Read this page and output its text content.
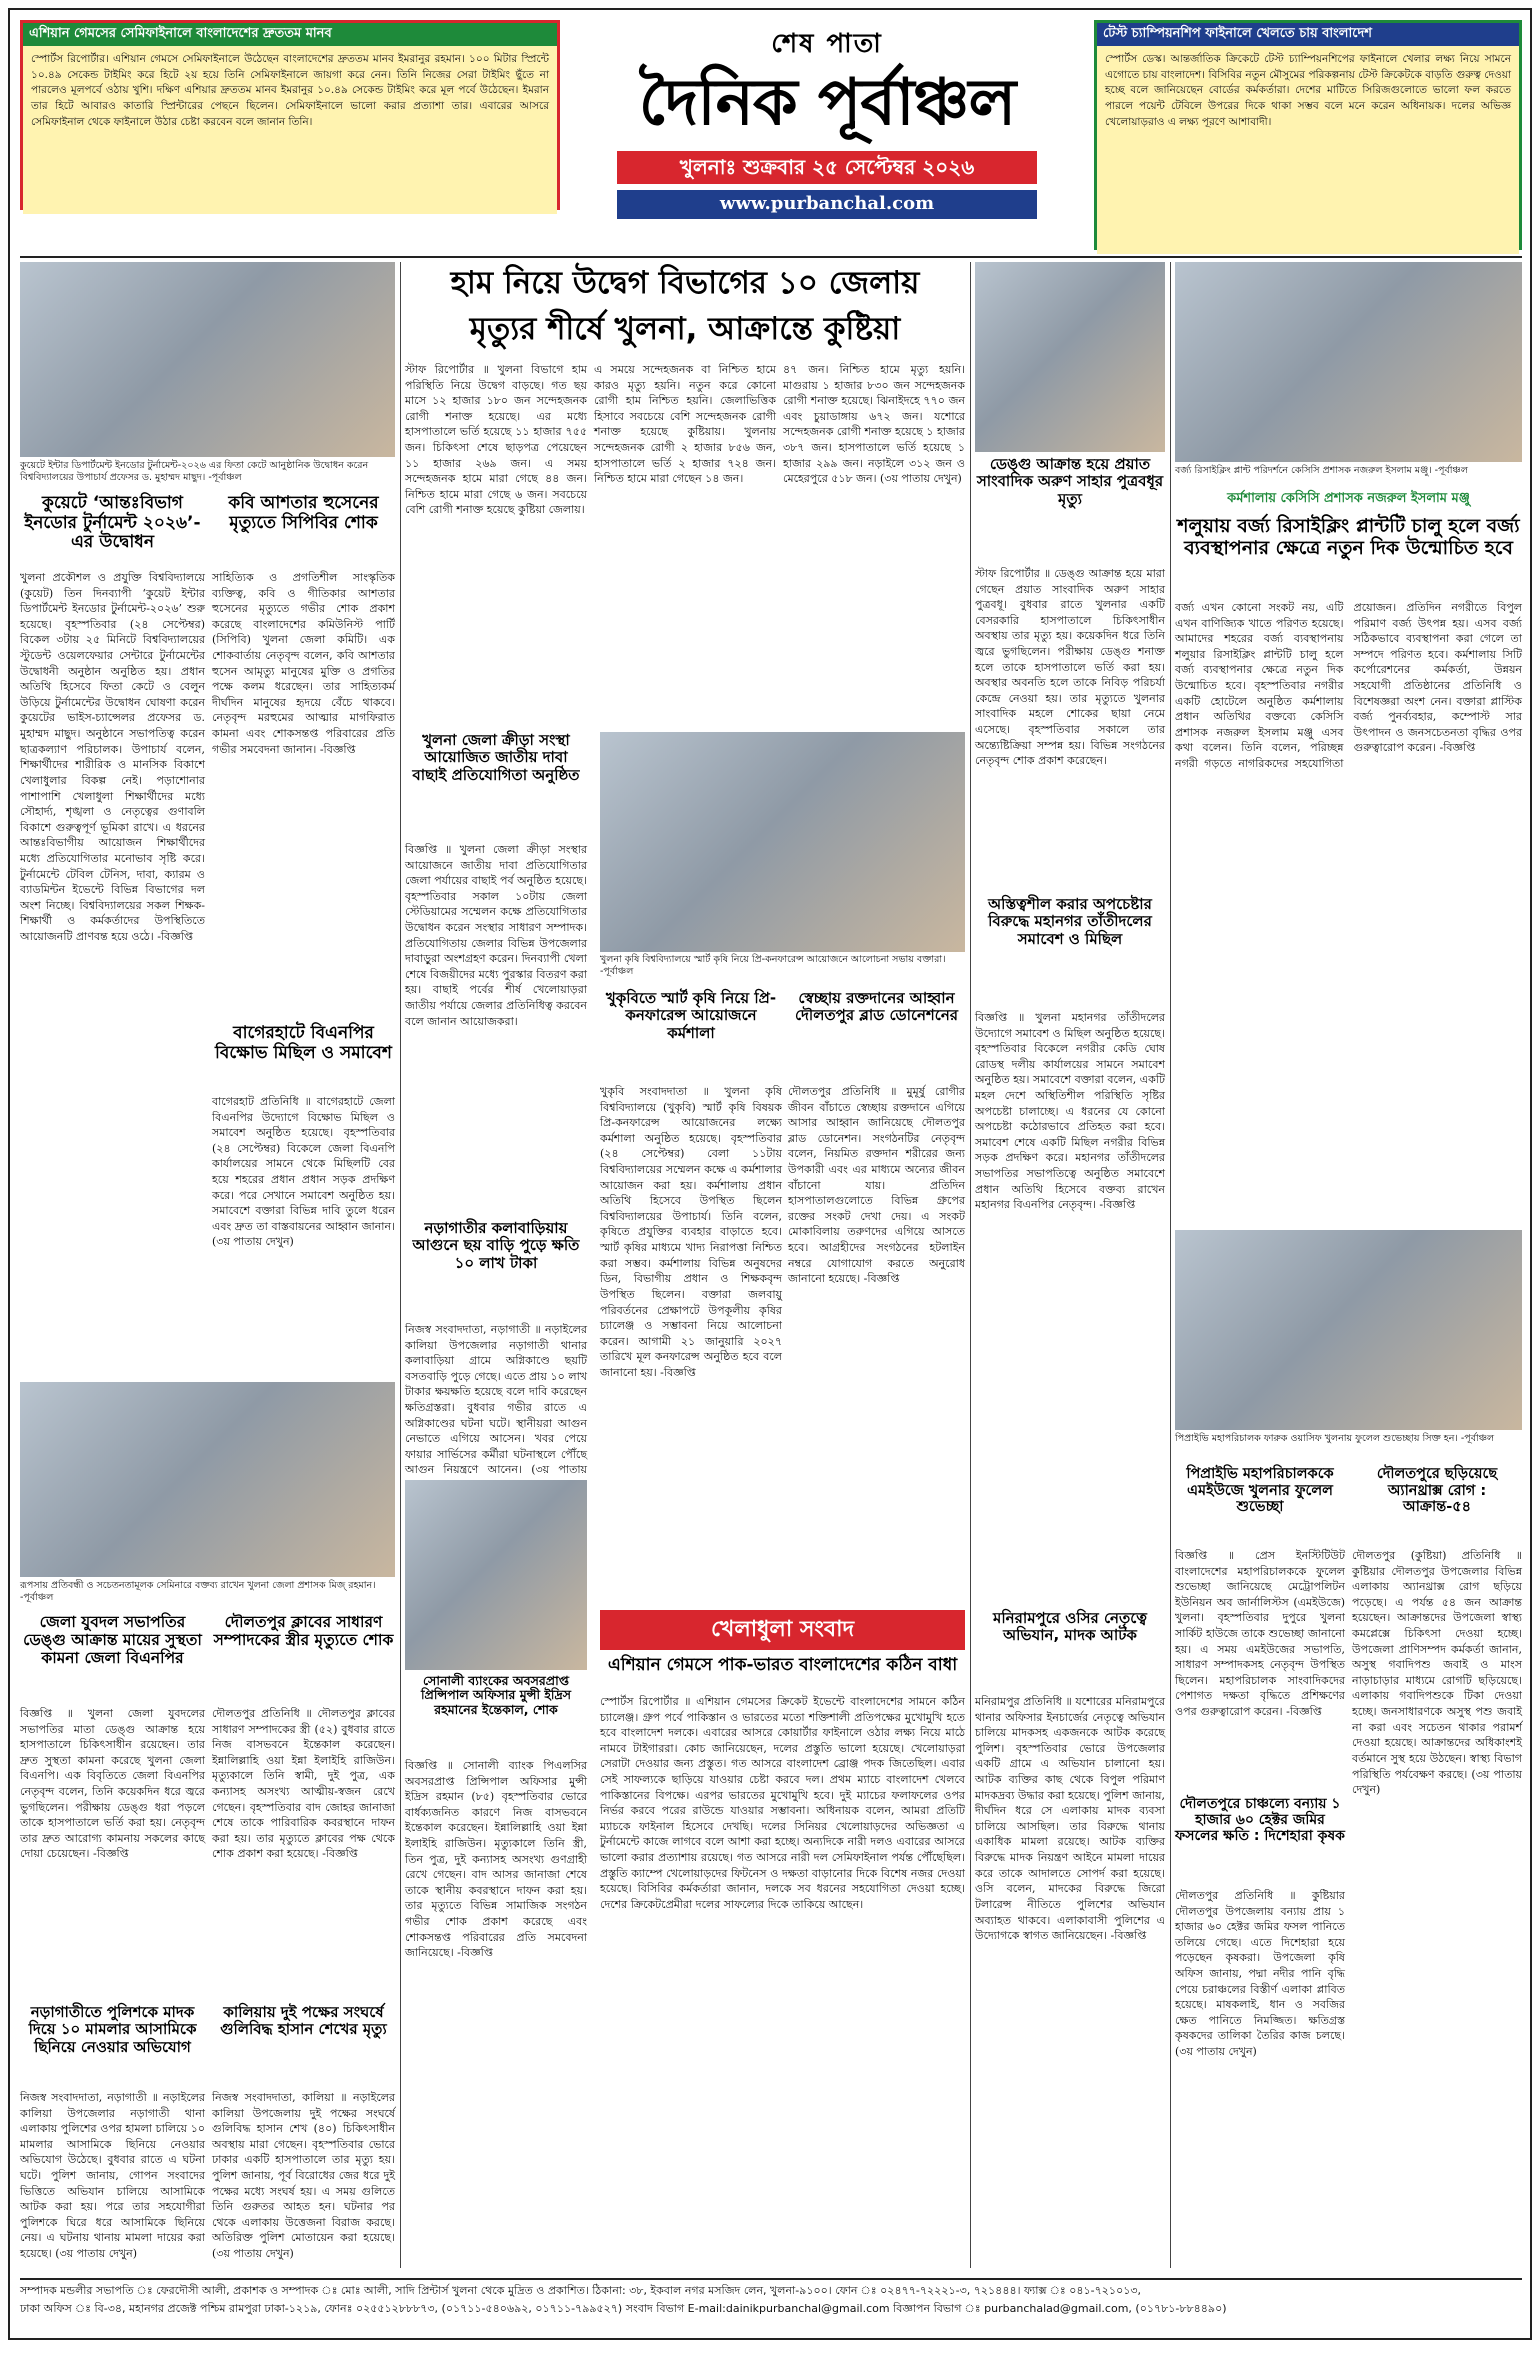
এশিয়ান গেমসের সেমিফাইনালে বাংলাদেশের দ্রুততম মানব
স্পোর্টস রিপোর্টার। এশিয়ান গেমসে সেমিফাইনালে উঠেছেন বাংলাদেশের দ্রুততম মানব ইমরানুর রহমান। ১০০ মিটার স্প্রিন্টে ১০.৪৯ সেকেন্ড টাইমিং করে হিটে ২য় হয়ে তিনি সেমিফাইনালে জায়গা করে নেন। তিনি নিজের সেরা টাইমিং ছুঁতে না পারলেও মূলপর্বে ওঠায় খুশি। দক্ষিণ এশিয়ার দ্রুততম মানব ইমরানুর ১০.৪৯ সেকেন্ড টাইমিং করে মূল পর্বে উঠেছেন। ইমরান তার হিটে আবারও কাতারি স্প্রিন্টারের পেছনে ছিলেন। সেমিফাইনালে ভালো করার প্রত্যাশা তার। এবারের আসরে সেমিফাইনাল থেকে ফাইনালে উঠার চেষ্টা করবেন বলে জানান তিনি।
শেষ পাতা
দৈনিক পূর্বাঞ্চল
খুলনাঃ শুক্রবার ২৫ সেপ্টেম্বর ২০২৬
www.purbanchal.com
টেস্ট চ্যাম্পিয়নশিপ ফাইনালে খেলতে চায় বাংলাদেশ
স্পোর্টস ডেস্ক। আন্তর্জাতিক ক্রিকেটে টেস্ট চ্যাম্পিয়নশিপের ফাইনালে খেলার লক্ষ্য নিয়ে সামনে এগোতে চায় বাংলাদেশ। বিসিবির নতুন মৌসুমের পরিকল্পনায় টেস্ট ক্রিকেটকে বাড়তি গুরুত্ব দেওয়া হচ্ছে বলে জানিয়েছেন বোর্ডের কর্মকর্তারা। দেশের মাটিতে সিরিজগুলোতে ভালো ফল করতে পারলে পয়েন্ট টেবিলে উপরের দিকে থাকা সম্ভব বলে মনে করেন অধিনায়ক। দলের অভিজ্ঞ খেলোয়াড়রাও এ লক্ষ্য পূরণে আশাবাদী।
কুয়েটে ইন্টার ডিপার্টমেন্ট ইনডোর টুর্নামেন্ট-২০২৬ এর ফিতা কেটে আনুষ্ঠানিক উদ্বোধন করেন বিশ্ববিদ্যালয়ের উপাচার্য প্রফেসর ড. মুহাম্মদ মাছুদ। -পূর্বাঞ্চল
কুয়েটে ‘আন্তঃবিভাগ ইনডোর টুর্নামেন্ট ২০২৬’-এর উদ্বোধন
খুলনা প্রকৌশল ও প্রযুক্তি বিশ্ববিদ্যালয়ে (কুয়েট) তিন দিনব্যাপী ‘কুয়েট ইন্টার ডিপার্টমেন্ট ইনডোর টুর্নামেন্ট-২০২৬’ শুরু হয়েছে। বৃহস্পতিবার (২৪ সেপ্টেম্বর) বিকেল ৩টায় ২৫ মিনিটে বিশ্ববিদ্যালয়ের স্টুডেন্ট ওয়েলফেয়ার সেন্টারে টুর্নামেন্টের উদ্বোধনী অনুষ্ঠান অনুষ্ঠিত হয়। প্রধান অতিথি হিসেবে ফিতা কেটে ও বেলুন উড়িয়ে টুর্নামেন্টের উদ্বোধন ঘোষণা করেন কুয়েটের ভাইস-চ্যান্সেলর প্রফেসর ড. মুহাম্মদ মাছুদ। অনুষ্ঠানে সভাপতিত্ব করেন ছাত্রকল্যাণ পরিচালক। উপাচার্য বলেন, শিক্ষার্থীদের শারীরিক ও মানসিক বিকাশে খেলাধুলার বিকল্প নেই। পড়াশোনার পাশাপাশি খেলাধুলা শিক্ষার্থীদের মধ্যে সৌহার্দ্য, শৃঙ্খলা ও নেতৃত্বের গুণাবলি বিকাশে গুরুত্বপূর্ণ ভূমিকা রাখে। এ ধরনের আন্তঃবিভাগীয় আয়োজন শিক্ষার্থীদের মধ্যে প্রতিযোগিতার মনোভাব সৃষ্টি করে। টুর্নামেন্টে টেবিল টেনিস, দাবা, ক্যারম ও ব্যাডমিন্টন ইভেন্টে বিভিন্ন বিভাগের দল অংশ নিচ্ছে। বিশ্ববিদ্যালয়ের সকল শিক্ষক-শিক্ষার্থী ও কর্মকর্তাদের উপস্থিতিতে আয়োজনটি প্রাণবন্ত হয়ে ওঠে। -বিজ্ঞপ্তি
কবি আশতার হুসেনের মৃত্যুতে সিপিবির শোক
সাহিত্যিক ও প্রগতিশীল সাংস্কৃতিক ব্যক্তিত্ব, কবি ও গীতিকার আশতার হুসেনের মৃত্যুতে গভীর শোক প্রকাশ করেছে বাংলাদেশের কমিউনিস্ট পার্টি (সিপিবি) খুলনা জেলা কমিটি। এক শোকবার্তায় নেতৃবৃন্দ বলেন, কবি আশতার হুসেন আমৃত্যু মানুষের মুক্তি ও প্রগতির পক্ষে কলম ধরেছেন। তার সাহিত্যকর্ম দীর্ঘদিন মানুষের হৃদয়ে বেঁচে থাকবে। নেতৃবৃন্দ মরহুমের আত্মার মাগফিরাত কামনা এবং শোকসন্তপ্ত পরিবারের প্রতি গভীর সমবেদনা জানান। -বিজ্ঞপ্তি
বাগেরহাটে বিএনপির বিক্ষোভ মিছিল ও সমাবেশ
বাগেরহাট প্রতিনিধি ॥ বাগেরহাটে জেলা বিএনপির উদ্যোগে বিক্ষোভ মিছিল ও সমাবেশ অনুষ্ঠিত হয়েছে। বৃহস্পতিবার (২৪ সেপ্টেম্বর) বিকেলে জেলা বিএনপি কার্যালয়ের সামনে থেকে মিছিলটি বের হয়ে শহরের প্রধান প্রধান সড়ক প্রদক্ষিণ করে। পরে সেখানে সমাবেশ অনুষ্ঠিত হয়। সমাবেশে বক্তারা বিভিন্ন দাবি তুলে ধরেন এবং দ্রুত তা বাস্তবায়নের আহ্বান জানান। (৩য় পাতায় দেখুন)
রূপসায় প্রতিবন্ধী ও সচেতনতামূলক সেমিনারে বক্তব্য রাখেন খুলনা জেলা প্রশাসক মিজ্ রহমান। -পূর্বাঞ্চল
জেলা যুবদল সভাপতির ডেঙ্গু আক্রান্ত মায়ের সুস্থতা কামনা জেলা বিএনপির
বিজ্ঞপ্তি ॥ খুলনা জেলা যুবদলের সভাপতির মাতা ডেঙ্গু আক্রান্ত হয়ে হাসপাতালে চিকিৎসাধীন রয়েছেন। তার দ্রুত সুস্থতা কামনা করেছে খুলনা জেলা বিএনপি। এক বিবৃতিতে জেলা বিএনপির নেতৃবৃন্দ বলেন, তিনি কয়েকদিন ধরে জ্বরে ভুগছিলেন। পরীক্ষায় ডেঙ্গু ধরা পড়লে তাকে হাসপাতালে ভর্তি করা হয়। নেতৃবৃন্দ তার দ্রুত আরোগ্য কামনায় সকলের কাছে দোয়া চেয়েছেন। -বিজ্ঞপ্তি
দৌলতপুর ক্লাবের সাধারণ সম্পাদকের স্ত্রীর মৃত্যুতে শোক
দৌলতপুর প্রতিনিধি ॥ দৌলতপুর ক্লাবের সাধারণ সম্পাদকের স্ত্রী (৫২) বুধবার রাতে নিজ বাসভবনে ইন্তেকাল করেছেন। ইন্নালিল্লাহি ওয়া ইন্না ইলাইহি রাজিউন। মৃত্যুকালে তিনি স্বামী, দুই পুত্র, এক কন্যাসহ অসংখ্য আত্মীয়-স্বজন রেখে গেছেন। বৃহস্পতিবার বাদ জোহর জানাজা শেষে তাকে পারিবারিক কবরস্থানে দাফন করা হয়। তার মৃত্যুতে ক্লাবের পক্ষ থেকে শোক প্রকাশ করা হয়েছে। -বিজ্ঞপ্তি
নড়াগাতীতে পুলিশকে মাদক দিয়ে ১০ মামলার আসামিকে ছিনিয়ে নেওয়ার অভিযোগ
নিজস্ব সংবাদদাতা, নড়াগাতী ॥ নড়াইলের কালিয়া উপজেলার নড়াগাতী থানা এলাকায় পুলিশের ওপর হামলা চালিয়ে ১০ মামলার আসামিকে ছিনিয়ে নেওয়ার অভিযোগ উঠেছে। বুধবার রাতে এ ঘটনা ঘটে। পুলিশ জানায়, গোপন সংবাদের ভিত্তিতে অভিযান চালিয়ে আসামিকে আটক করা হয়। পরে তার সহযোগীরা পুলিশকে ঘিরে ধরে আসামিকে ছিনিয়ে নেয়। এ ঘটনায় থানায় মামলা দায়ের করা হয়েছে। (৩য় পাতায় দেখুন)
কালিয়ায় দুই পক্ষের সংঘর্ষে গুলিবিদ্ধ হাসান শেখের মৃত্যু
নিজস্ব সংবাদদাতা, কালিয়া ॥ নড়াইলের কালিয়া উপজেলায় দুই পক্ষের সংঘর্ষে গুলিবিদ্ধ হাসান শেখ (৪০) চিকিৎসাধীন অবস্থায় মারা গেছেন। বৃহস্পতিবার ভোরে ঢাকার একটি হাসপাতালে তার মৃত্যু হয়। পুলিশ জানায়, পূর্ব বিরোধের জের ধরে দুই পক্ষের মধ্যে সংঘর্ষ হয়। এ সময় গুলিতে তিনি গুরুতর আহত হন। ঘটনার পর থেকে এলাকায় উত্তেজনা বিরাজ করছে। অতিরিক্ত পুলিশ মোতায়েন করা হয়েছে। (৩য় পাতায় দেখুন)
হাম নিয়ে উদ্বেগ বিভাগের ১০ জেলায়
মৃত্যুর শীর্ষে খুলনা, আক্রান্তে কুষ্টিয়া
স্টাফ রিপোর্টার ॥ খুলনা বিভাগে হাম পরিস্থিতি নিয়ে উদ্বেগ বাড়ছে। গত ছয় মাসে ১২ হাজার ১৮০ জন সন্দেহজনক রোগী শনাক্ত হয়েছে। এর মধ্যে হাসপাতালে ভর্তি হয়েছে ১১ হাজার ৭৫৫ জন। চিকিৎসা শেষে ছাড়পত্র পেয়েছেন ১১ হাজার ২৬৯ জন। এ সময় সন্দেহজনক হামে মারা গেছে ৪৪ জন। নিশ্চিত হামে মারা গেছে ৬ জন। সবচেয়ে বেশি রোগী শনাক্ত হয়েছে কুষ্টিয়া জেলায়।
এ সময়ে সন্দেহজনক বা নিশ্চিত হামে কারও মৃত্যু হয়নি। নতুন করে কোনো রোগী হাম নিশ্চিত হয়নি। জেলাভিত্তিক হিসাবে সবচেয়ে বেশি সন্দেহজনক রোগী শনাক্ত হয়েছে কুষ্টিয়ায়। খুলনায় সন্দেহজনক রোগী ২ হাজার ৮৫৬ জন, হাসপাতালে ভর্তি ২ হাজার ৭২৪ জন। নিশ্চিত হামে মারা গেছেন ১৪ জন।
৪৭ জন। নিশ্চিত হামে মৃত্যু হয়নি। মাগুরায় ১ হাজার ৮৩০ জন সন্দেহজনক রোগী শনাক্ত হয়েছে। ঝিনাইদহে ৭৭০ জন এবং চুয়াডাঙ্গায় ৬৭২ জন। যশোরে সন্দেহজনক রোগী শনাক্ত হয়েছে ১ হাজার ৩৮৭ জন। হাসপাতালে ভর্তি হয়েছে ১ হাজার ২৯৯ জন। নড়াইলে ৩১২ জন ও মেহেরপুরে ৫১৮ জন। (৩য় পাতায় দেখুন)
খুলনা জেলা ক্রীড়া সংস্থা আয়োজিত জাতীয় দাবা বাছাই প্রতিযোগিতা অনুষ্ঠিত
বিজ্ঞপ্তি ॥ খুলনা জেলা ক্রীড়া সংস্থার আয়োজনে জাতীয় দাবা প্রতিযোগিতার জেলা পর্যায়ের বাছাই পর্ব অনুষ্ঠিত হয়েছে। বৃহস্পতিবার সকাল ১০টায় জেলা স্টেডিয়ামের সম্মেলন কক্ষে প্রতিযোগিতার উদ্বোধন করেন সংস্থার সাধারণ সম্পাদক। প্রতিযোগিতায় জেলার বিভিন্ন উপজেলার দাবাড়ুরা অংশগ্রহণ করেন। দিনব্যাপী খেলা শেষে বিজয়ীদের মধ্যে পুরস্কার বিতরণ করা হয়। বাছাই পর্বের শীর্ষ খেলোয়াড়রা জাতীয় পর্যায়ে জেলার প্রতিনিধিত্ব করবেন বলে জানান আয়োজকরা।
খুলনা কৃষি বিশ্ববিদ্যালয়ে স্মার্ট কৃষি নিয়ে প্রি-কনফারেন্স আয়োজনে আলোচনা সভায় বক্তারা। -পূর্বাঞ্চল
খুকৃবিতে স্মার্ট কৃষি নিয়ে প্রি-কনফারেন্স আয়োজনে কর্মশালা
খুকৃবি সংবাদদাতা ॥ খুলনা কৃষি বিশ্ববিদ্যালয়ে (খুকৃবি) স্মার্ট কৃষি বিষয়ক প্রি-কনফারেন্স আয়োজনের লক্ষ্যে কর্মশালা অনুষ্ঠিত হয়েছে। বৃহস্পতিবার (২৪ সেপ্টেম্বর) বেলা ১১টায় বিশ্ববিদ্যালয়ের সম্মেলন কক্ষে এ কর্মশালার আয়োজন করা হয়। কর্মশালায় প্রধান অতিথি হিসেবে উপস্থিত ছিলেন বিশ্ববিদ্যালয়ের উপাচার্য। তিনি বলেন, কৃষিতে প্রযুক্তির ব্যবহার বাড়াতে হবে। স্মার্ট কৃষির মাধ্যমে খাদ্য নিরাপত্তা নিশ্চিত করা সম্ভব। কর্মশালায় বিভিন্ন অনুষদের ডিন, বিভাগীয় প্রধান ও শিক্ষকবৃন্দ উপস্থিত ছিলেন। বক্তারা জলবায়ু পরিবর্তনের প্রেক্ষাপটে উপকূলীয় কৃষির চ্যালেঞ্জ ও সম্ভাবনা নিয়ে আলোচনা করেন। আগামী ২১ জানুয়ারি ২০২৭ তারিখে মূল কনফারেন্স অনুষ্ঠিত হবে বলে জানানো হয়। -বিজ্ঞপ্তি
স্বেচ্ছায় রক্তদানের আহ্বান দৌলতপুর ব্লাড ডোনেশনের
দৌলতপুর প্রতিনিধি ॥ মুমূর্ষু রোগীর জীবন বাঁচাতে স্বেচ্ছায় রক্তদানে এগিয়ে আসার আহ্বান জানিয়েছে দৌলতপুর ব্লাড ডোনেশন। সংগঠনটির নেতৃবৃন্দ বলেন, নিয়মিত রক্তদান শরীরের জন্য উপকারী এবং এর মাধ্যমে অন্যের জীবন বাঁচানো যায়। প্রতিদিন হাসপাতালগুলোতে বিভিন্ন গ্রুপের রক্তের সংকট দেখা দেয়। এ সংকট মোকাবিলায় তরুণদের এগিয়ে আসতে হবে। আগ্রহীদের সংগঠনের হটলাইন নম্বরে যোগাযোগ করতে অনুরোধ জানানো হয়েছে। -বিজ্ঞপ্তি
নড়াগাতীর কলাবাড়িয়ায় আগুনে ছয় বাড়ি পুড়ে ক্ষতি ১০ লাখ টাকা
নিজস্ব সংবাদদাতা, নড়াগাতী ॥ নড়াইলের কালিয়া উপজেলার নড়াগাতী থানার কলাবাড়িয়া গ্রামে অগ্নিকাণ্ডে ছয়টি বসতবাড়ি পুড়ে গেছে। এতে প্রায় ১০ লাখ টাকার ক্ষয়ক্ষতি হয়েছে বলে দাবি করেছেন ক্ষতিগ্রস্তরা। বুধবার গভীর রাতে এ অগ্নিকাণ্ডের ঘটনা ঘটে। স্থানীয়রা আগুন নেভাতে এগিয়ে আসেন। খবর পেয়ে ফায়ার সার্ভিসের কর্মীরা ঘটনাস্থলে পৌঁছে আগুন নিয়ন্ত্রণে আনেন। (৩য় পাতায়
সোনালী ব্যাংকের অবসরপ্রাপ্ত প্রিন্সিপাল অফিসার মুন্সী ইদ্রিস রহমানের ইন্তেকাল, শোক
বিজ্ঞপ্তি ॥ সোনালী ব্যাংক পিএলসির অবসরপ্রাপ্ত প্রিন্সিপাল অফিসার মুন্সী ইদ্রিস রহমান (৮৫) বৃহস্পতিবার ভোরে বার্ধক্যজনিত কারণে নিজ বাসভবনে ইন্তেকাল করেছেন। ইন্নালিল্লাহি ওয়া ইন্না ইলাইহি রাজিউন। মৃত্যুকালে তিনি স্ত্রী, তিন পুত্র, দুই কন্যাসহ অসংখ্য গুণগ্রাহী রেখে গেছেন। বাদ আসর জানাজা শেষে তাকে স্থানীয় কবরস্থানে দাফন করা হয়। তার মৃত্যুতে বিভিন্ন সামাজিক সংগঠন গভীর শোক প্রকাশ করেছে এবং শোকসন্তপ্ত পরিবারের প্রতি সমবেদনা জানিয়েছে। -বিজ্ঞপ্তি
খেলাধুলা সংবাদ
এশিয়ান গেমসে পাক-ভারত বাংলাদেশের কঠিন বাধা
স্পোর্টস রিপোর্টার ॥ এশিয়ান গেমসের ক্রিকেট ইভেন্টে বাংলাদেশের সামনে কঠিন চ্যালেঞ্জ। গ্রুপ পর্বে পাকিস্তান ও ভারতের মতো শক্তিশালী প্রতিপক্ষের মুখোমুখি হতে হবে বাংলাদেশ দলকে। এবারের আসরে কোয়ার্টার ফাইনালে ওঠার লক্ষ্য নিয়ে মাঠে নামবে টাইগাররা। কোচ জানিয়েছেন, দলের প্রস্তুতি ভালো হয়েছে। খেলোয়াড়রা সেরাটা দেওয়ার জন্য প্রস্তুত। গত আসরে বাংলাদেশ ব্রোঞ্জ পদক জিতেছিল। এবার সেই সাফল্যকে ছাড়িয়ে যাওয়ার চেষ্টা করবে দল। প্রথম ম্যাচে বাংলাদেশ খেলবে পাকিস্তানের বিপক্ষে। এরপর ভারতের মুখোমুখি হবে। দুই ম্যাচের ফলাফলের ওপর নির্ভর করবে পরের রাউন্ডে যাওয়ার সম্ভাবনা। অধিনায়ক বলেন, আমরা প্রতিটি ম্যাচকে ফাইনাল হিসেবে দেখছি। দলের সিনিয়র খেলোয়াড়দের অভিজ্ঞতা এ টুর্নামেন্টে কাজে লাগবে বলে আশা করা হচ্ছে। অন্যদিকে নারী দলও এবারের আসরে ভালো করার প্রত্যাশায় রয়েছে। গত আসরে নারী দল সেমিফাইনাল পর্যন্ত পৌঁছেছিল। প্রস্তুতি ক্যাম্পে খেলোয়াড়দের ফিটনেস ও দক্ষতা বাড়ানোর দিকে বিশেষ নজর দেওয়া হয়েছে। বিসিবির কর্মকর্তারা জানান, দলকে সব ধরনের সহযোগিতা দেওয়া হচ্ছে। দেশের ক্রিকেটপ্রেমীরা দলের সাফল্যের দিকে তাকিয়ে আছেন।
ডেঙ্গু আক্রান্ত হয়ে প্রয়াত সাংবাদিক অরুণ সাহার পুত্রবধূর মৃত্যু
স্টাফ রিপোর্টার ॥ ডেঙ্গু আক্রান্ত হয়ে মারা গেছেন প্রয়াত সাংবাদিক অরুণ সাহার পুত্রবধূ। বুধবার রাতে খুলনার একটি বেসরকারি হাসপাতালে চিকিৎসাধীন অবস্থায় তার মৃত্যু হয়। কয়েকদিন ধরে তিনি জ্বরে ভুগছিলেন। পরীক্ষায় ডেঙ্গু শনাক্ত হলে তাকে হাসপাতালে ভর্তি করা হয়। অবস্থার অবনতি হলে তাকে নিবিড় পরিচর্যা কেন্দ্রে নেওয়া হয়। তার মৃত্যুতে খুলনার সাংবাদিক মহলে শোকের ছায়া নেমে এসেছে। বৃহস্পতিবার সকালে তার অন্ত্যেষ্টিক্রিয়া সম্পন্ন হয়। বিভিন্ন সংগঠনের নেতৃবৃন্দ শোক প্রকাশ করেছেন।
অস্তিত্বশীল করার অপচেষ্টার বিরুদ্ধে মহানগর তাঁতীদলের সমাবেশ ও মিছিল
বিজ্ঞপ্তি ॥ খুলনা মহানগর তাঁতীদলের উদ্যোগে সমাবেশ ও মিছিল অনুষ্ঠিত হয়েছে। বৃহস্পতিবার বিকেলে নগরীর কেডি ঘোষ রোডস্থ দলীয় কার্যালয়ের সামনে সমাবেশ অনুষ্ঠিত হয়। সমাবেশে বক্তারা বলেন, একটি মহল দেশে অস্থিতিশীল পরিস্থিতি সৃষ্টির অপচেষ্টা চালাচ্ছে। এ ধরনের যে কোনো অপচেষ্টা কঠোরভাবে প্রতিহত করা হবে। সমাবেশ শেষে একটি মিছিল নগরীর বিভিন্ন সড়ক প্রদক্ষিণ করে। মহানগর তাঁতীদলের সভাপতির সভাপতিত্বে অনুষ্ঠিত সমাবেশে প্রধান অতিথি হিসেবে বক্তব্য রাখেন মহানগর বিএনপির নেতৃবৃন্দ। -বিজ্ঞপ্তি
মনিরামপুরে ওসির নেতৃত্বে অভিযান, মাদক আটক
মনিরামপুর প্রতিনিধি ॥ যশোরের মনিরামপুরে থানার অফিসার ইনচার্জের নেতৃত্বে অভিযান চালিয়ে মাদকসহ একজনকে আটক করেছে পুলিশ। বৃহস্পতিবার ভোরে উপজেলার একটি গ্রামে এ অভিযান চালানো হয়। আটক ব্যক্তির কাছ থেকে বিপুল পরিমাণ মাদকদ্রব্য উদ্ধার করা হয়েছে। পুলিশ জানায়, দীর্ঘদিন ধরে সে এলাকায় মাদক ব্যবসা চালিয়ে আসছিল। তার বিরুদ্ধে থানায় একাধিক মামলা রয়েছে। আটক ব্যক্তির বিরুদ্ধে মাদক নিয়ন্ত্রণ আইনে মামলা দায়ের করে তাকে আদালতে সোপর্দ করা হয়েছে। ওসি বলেন, মাদকের বিরুদ্ধে জিরো টলারেন্স নীতিতে পুলিশের অভিযান অব্যাহত থাকবে। এলাকাবাসী পুলিশের এ উদ্যোগকে স্বাগত জানিয়েছেন। -বিজ্ঞপ্তি
বর্জ্য রিসাইক্লিং প্লান্ট পরিদর্শনে কেসিসি প্রশাসক নজরুল ইসলাম মঞ্জু। -পূর্বাঞ্চল
কর্মশালায় কেসিসি প্রশাসক নজরুল ইসলাম মঞ্জু
শলুয়ায় বর্জ্য রিসাইক্লিং প্লান্টটি চালু হলে বর্জ্য ব্যবস্থাপনার ক্ষেত্রে নতুন দিক উন্মোচিত হবে
বর্জ্য এখন কোনো সংকট নয়, এটি এখন বাণিজ্যিক খাতে পরিণত হয়েছে। আমাদের শহরের বর্জ্য ব্যবস্থাপনায় শলুয়ার রিসাইক্লিং প্লান্টটি চালু হলে বর্জ্য ব্যবস্থাপনার ক্ষেত্রে নতুন দিক উন্মোচিত হবে। বৃহস্পতিবার নগরীর একটি হোটেলে অনুষ্ঠিত কর্মশালায় প্রধান অতিথির বক্তব্যে কেসিসি প্রশাসক নজরুল ইসলাম মঞ্জু এসব কথা বলেন। তিনি বলেন, পরিচ্ছন্ন নগরী গড়তে নাগরিকদের সহযোগিতা প্রয়োজন। প্রতিদিন নগরীতে বিপুল পরিমাণ বর্জ্য উৎপন্ন হয়। এসব বর্জ্য সঠিকভাবে ব্যবস্থাপনা করা গেলে তা সম্পদে পরিণত হবে। কর্মশালায় সিটি কর্পোরেশনের কর্মকর্তা, উন্নয়ন সহযোগী প্রতিষ্ঠানের প্রতিনিধি ও বিশেষজ্ঞরা অংশ নেন। বক্তারা প্লাস্টিক বর্জ্য পুনর্ব্যবহার, কম্পোস্ট সার উৎপাদন ও জনসচেতনতা বৃদ্ধির ওপর গুরুত্বারোপ করেন। -বিজ্ঞপ্তি
পিপ্রাইভি মহাপরিচালক ফারুক ওয়াসিফ খুলনায় ফুলেল শুভেচ্ছায় সিক্ত হন। -পূর্বাঞ্চল
পিপ্রাইভি মহাপরিচালককে এমইউজে খুলনার ফুলেল শুভেচ্ছা
বিজ্ঞপ্তি ॥ প্রেস ইনস্টিটিউট বাংলাদেশের মহাপরিচালককে ফুলেল শুভেচ্ছা জানিয়েছে মেট্রোপলিটন ইউনিয়ন অব জার্নালিস্টস (এমইউজে) খুলনা। বৃহস্পতিবার দুপুরে খুলনা সার্কিট হাউজে তাকে শুভেচ্ছা জানানো হয়। এ সময় এমইউজের সভাপতি, সাধারণ সম্পাদকসহ নেতৃবৃন্দ উপস্থিত ছিলেন। মহাপরিচালক সাংবাদিকদের পেশাগত দক্ষতা বৃদ্ধিতে প্রশিক্ষণের ওপর গুরুত্বারোপ করেন। -বিজ্ঞপ্তি
দৌলতপুরে ছড়িয়েছে অ্যানথ্রাক্স রোগ : আক্রান্ত-৫৪
দৌলতপুর (কুষ্টিয়া) প্রতিনিধি ॥ কুষ্টিয়ার দৌলতপুর উপজেলার বিভিন্ন এলাকায় অ্যানথ্রাক্স রোগ ছড়িয়ে পড়েছে। এ পর্যন্ত ৫৪ জন আক্রান্ত হয়েছেন। আক্রান্তদের উপজেলা স্বাস্থ্য কমপ্লেক্সে চিকিৎসা দেওয়া হচ্ছে। উপজেলা প্রাণিসম্পদ কর্মকর্তা জানান, অসুস্থ গবাদিপশু জবাই ও মাংস নাড়াচাড়ার মাধ্যমে রোগটি ছড়িয়েছে। এলাকায় গবাদিপশুকে টিকা দেওয়া হচ্ছে। জনসাধারণকে অসুস্থ পশু জবাই না করা এবং সচেতন থাকার পরামর্শ দেওয়া হয়েছে। আক্রান্তদের অধিকাংশই বর্তমানে সুস্থ হয়ে উঠছেন। স্বাস্থ্য বিভাগ পরিস্থিতি পর্যবেক্ষণ করছে। (৩য় পাতায় দেখুন)
দৌলতপুরে চাঞ্চল্যে বন্যায় ১ হাজার ৬০ হেক্টর জমির ফসলের ক্ষতি : দিশেহারা কৃষক
দৌলতপুর প্রতিনিধি ॥ কুষ্টিয়ার দৌলতপুর উপজেলায় বন্যায় প্রায় ১ হাজার ৬০ হেক্টর জমির ফসল পানিতে তলিয়ে গেছে। এতে দিশেহারা হয়ে পড়েছেন কৃষকরা। উপজেলা কৃষি অফিস জানায়, পদ্মা নদীর পানি বৃদ্ধি পেয়ে চরাঞ্চলের বিস্তীর্ণ এলাকা প্লাবিত হয়েছে। মাষকলাই, ধান ও সবজির ক্ষেত পানিতে নিমজ্জিত। ক্ষতিগ্রস্ত কৃষকদের তালিকা তৈরির কাজ চলছে। (৩য় পাতায় দেখুন)
সম্পাদক মন্ডলীর সভাপতি ঃ ফেরদৌসী আলী, প্রকাশক ও সম্পাদক ঃ মোঃ আলী, সাদি প্রিন্টার্স খুলনা থেকে মুদ্রিত ও প্রকাশিত। ঠিকানা: ৩৮, ইকবাল নগর মসজিদ লেন, খুলনা-৯১০০। ফোন ঃ ০২৪৭৭-৭২২২১-৩, ৭২১৪৪৪। ফ্যাক্স ঃ ০৪১-৭২১০১৩,
ঢাকা অফিস ঃ বি-৩৪, মহানগর প্রজেক্ট পশ্চিম রামপুরা ঢাকা-১২১৯, ফোনঃ ০২৫৫১২৮৮৮৭৩, (০১৭১১-৫৪০৬৯২, ০১৭১১-৭৯৯৫২৭) সংবাদ বিভাগ E-mail:dainikpurbanchal@gmail.com বিজ্ঞাপন বিভাগ ঃ purbanchalad@gmail.com, (০১৭৮১-৮৮৪৪৯০)
